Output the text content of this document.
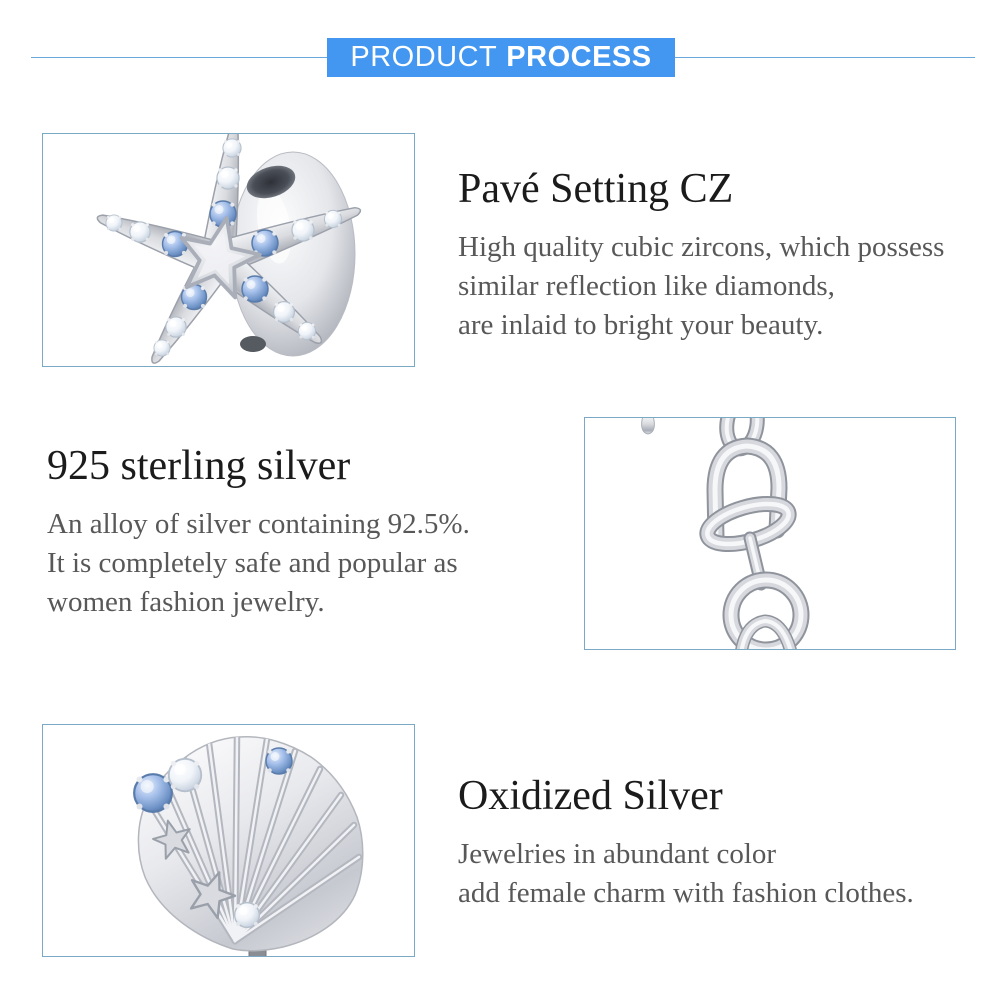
PRODUCT PROCESS
Pavé Setting CZ
High quality cubic zircons, which possess
similar reflection like diamonds,
are inlaid to bright your beauty.
925 sterling silver
An alloy of silver containing 92.5%.
It is completely safe and popular as
women fashion jewelry.
Oxidized Silver
Jewelries in abundant color
add female charm with fashion clothes.
